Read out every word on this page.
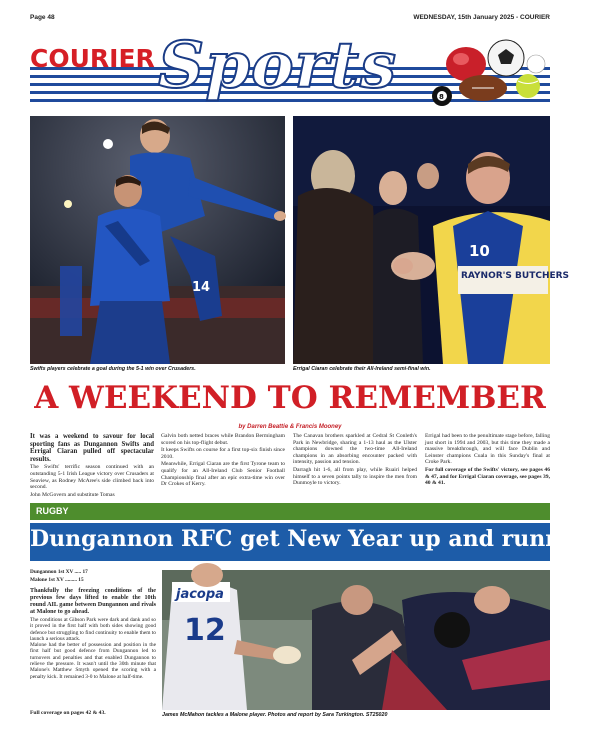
Page 48	WEDNESDAY, 15th January 2025 - COURIER
COURIER Sports	8
14
Swifts players celebrate a goal during the 5-1 win over Crusaders.
RAYNOR'S BUTCHERS
10
Errigal Ciaran celebrate their All-Ireland semi-final win.
A WEEKEND TO REMEMBER
by Darren Beattie & Francis Mooney

It was a weekend to savour for local sporting fans as Dungannon Swifts and Errigal Ciaran pulled off spectacular results.

The Swifts' terrific season continued with an outstanding 5-1 Irish League victory over Crusaders at Seaview, as Rodney McAree's side climbed back into second.

John McGovern and substitute Tomas

Galvin both netted braces while Brandon Bermingham scored on his top-flight debut.

It keeps Swifts on course for a first top-six finish since 2010.

Meanwhile, Errigal Ciaran are the first Tyrone team to qualify for an All-Ireland Club Senior Football Championship final after an epic extra-time win over Dr Crokes of Kerry.

The Canavan brothers sparkled at Cedral St Conleth's Park in Newbridge, sharing a 1-13 haul as the Ulster champions downed the two-time All-Ireland champions in an absorbing encounter packed with intensity, passion and tension.

Darragh hit 1-6, all from play, while Ruairi helped himself to a seven points tally to inspire the men from Dunmoyle to victory.

Errigal had been to the penultimate stage before, falling just short in 1994 and 2003, but this time they made a massive breakthrough, and will face Dublin and Leinster champions Cuala in this Sunday's final at Croke Park.

For full coverage of the Swifts' victory, see pages 46 & 47, and for Errigal Ciaran coverage, see pages 39, 40 & 41.

RUGBY
Dungannon RFC get New Year up and running!
Dungannon 1st XV ..... 17
Malone 1st XV ......... 15

Thankfully the freezing conditions of the previous few days lifted to enable the 10th round AIL game between Dungannon and rivals at Malone to go ahead.

The conditions at Gibson Park were dark and dank and so it proved in the first half with both sides showing good defence but struggling to find continuity to enable them to launch a serious attack.

Malone had the better of possession and position in the first half but good defence from Dungannon led to turnovers and penalties and that enabled Dungannon to relieve the pressure. It wasn't until the 30th minute that Malone's Matthew Smyth opened the scoring with a penalty kick. It remained 3-0 to Malone at half-time.

Full coverage on pages 42 & 43.
jacopa
12
James McMahon tackles a Malone player. Photos and report by Sara Turkington. ST25020
